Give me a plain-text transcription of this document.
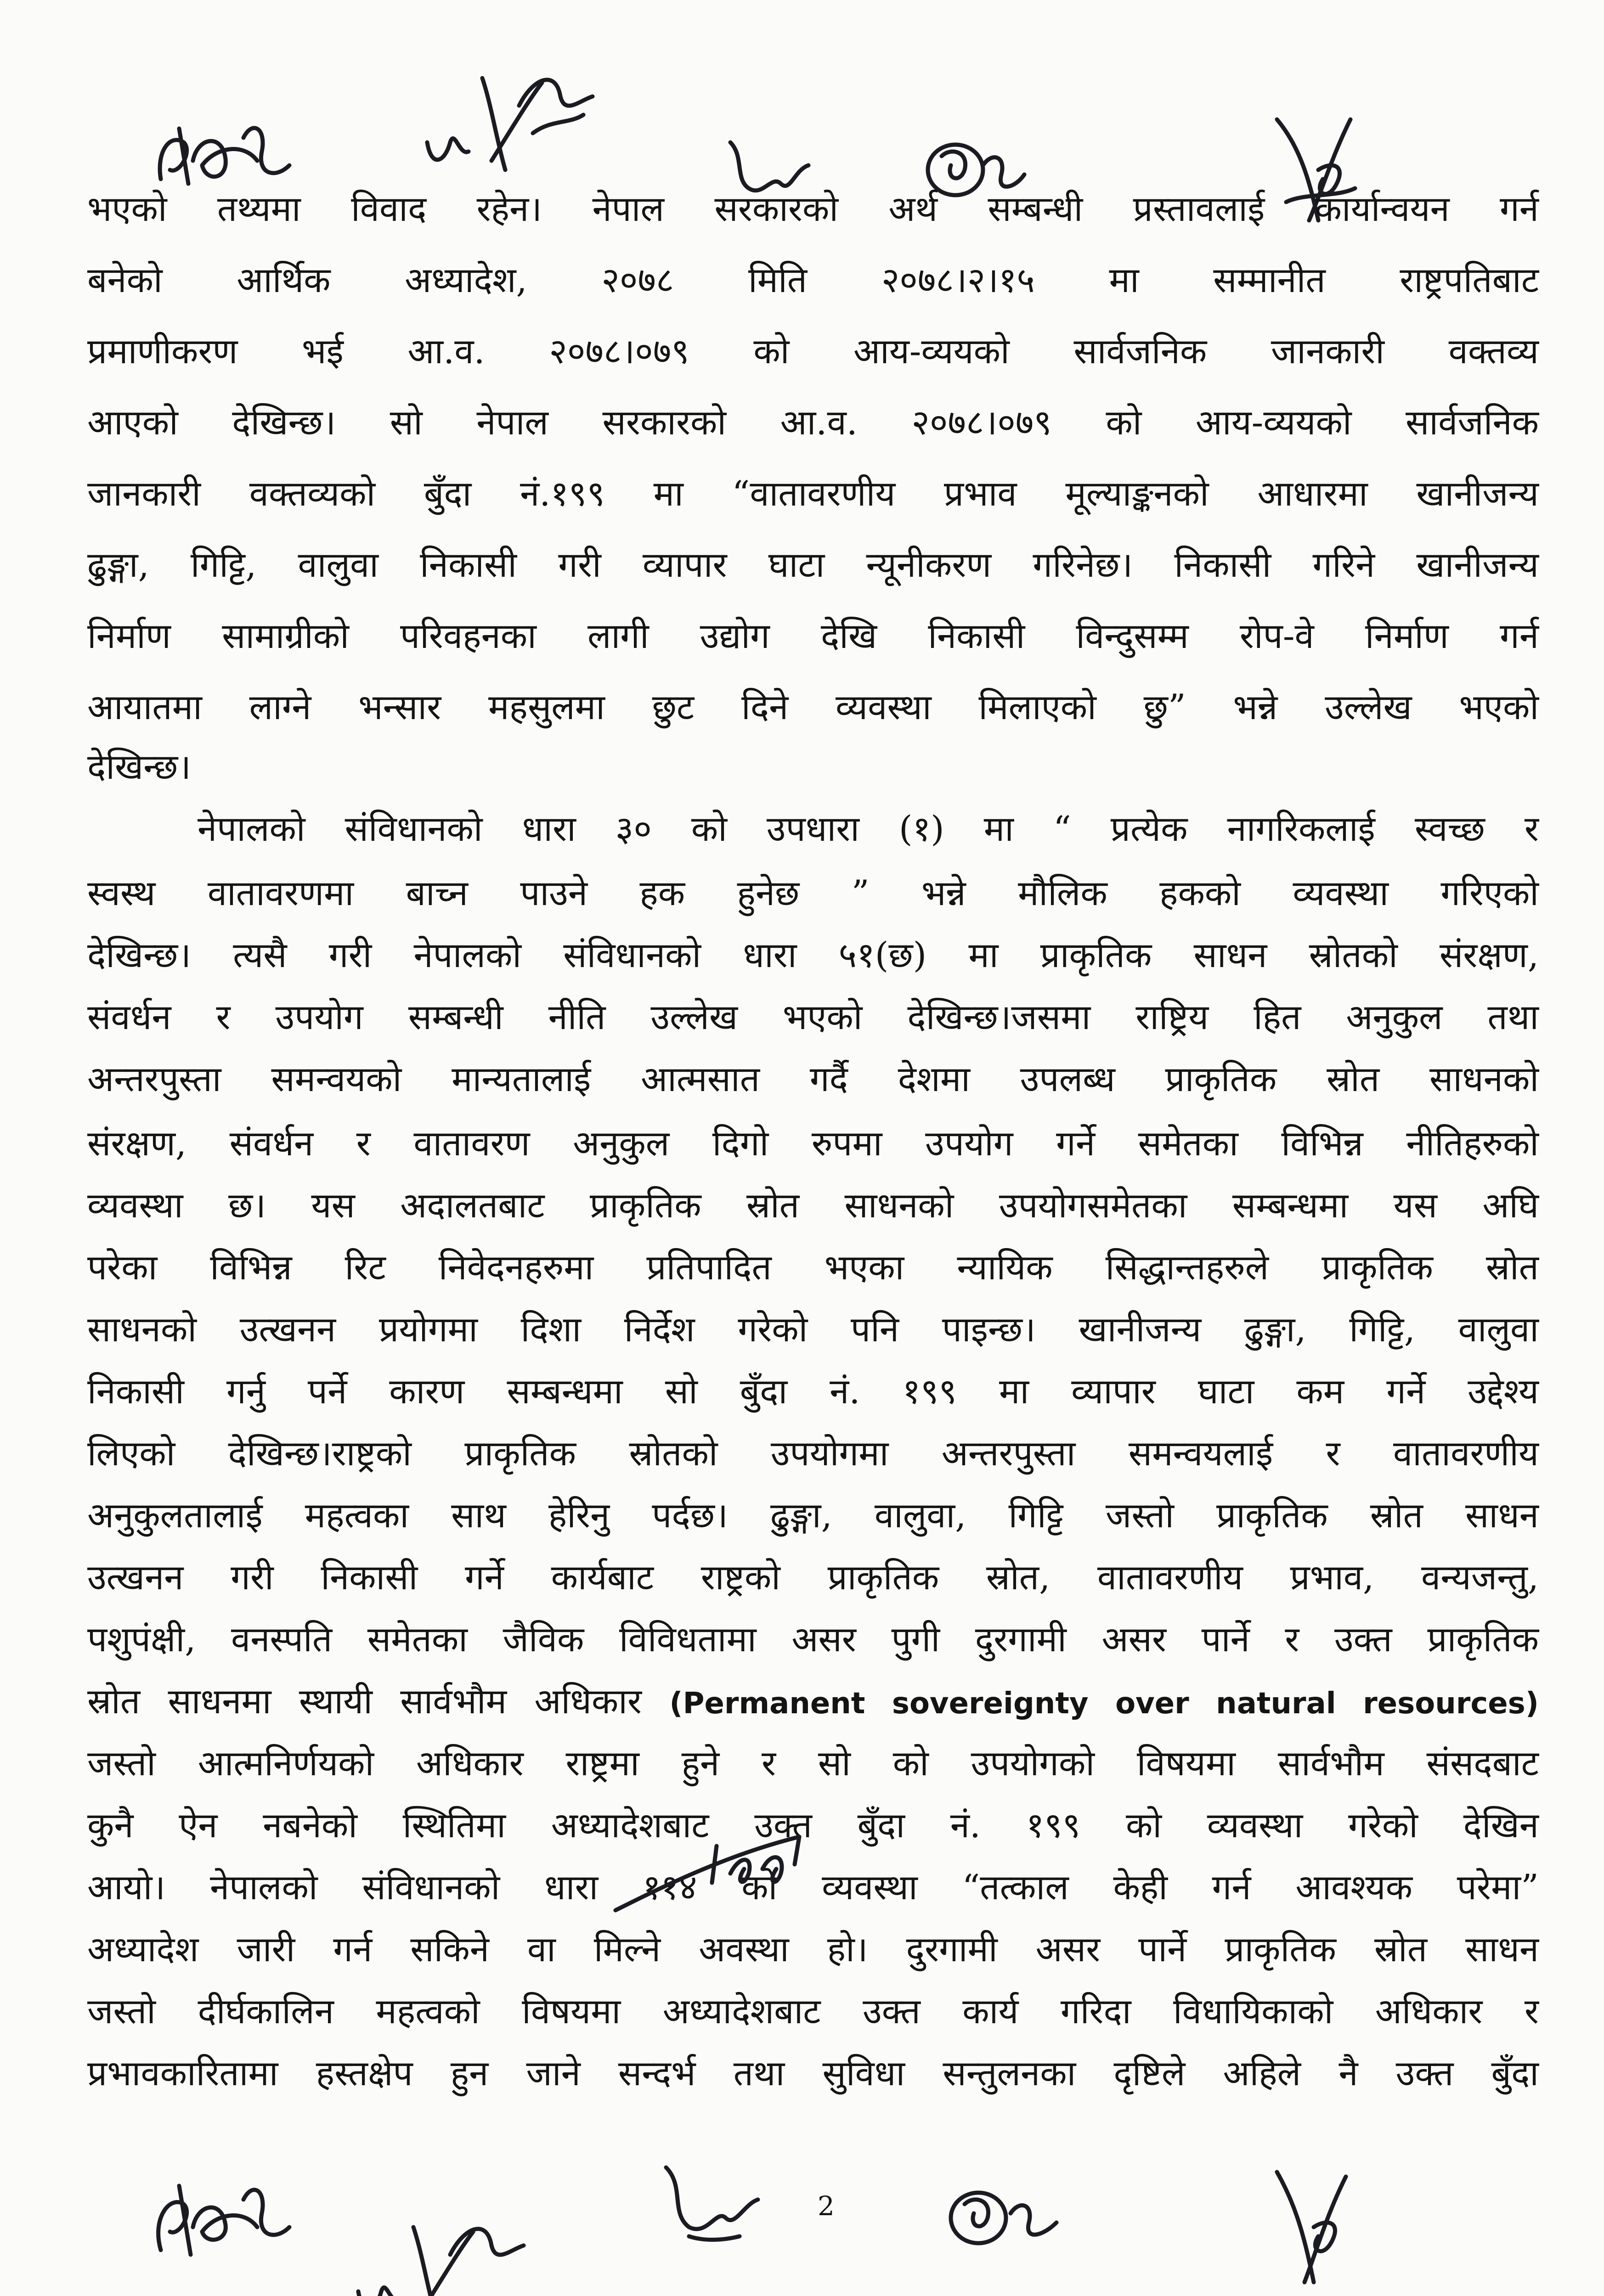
भएको तथ्यमा विवाद रहेन। नेपाल सरकारको अर्थ सम्बन्धी प्रस्तावलाई कार्यान्वयन गर्न
बनेको आर्थिक अध्यादेश, २०७८ मिति २०७८।२।१५ मा सम्मानीत राष्ट्रपतिबाट
प्रमाणीकरण भई आ.व. २०७८।०७९ को आय-व्ययको सार्वजनिक जानकारी वक्तव्य
आएको देखिन्छ। सो नेपाल सरकारको आ.व. २०७८।०७९ को आय-व्ययको सार्वजनिक
जानकारी वक्तव्यको बुँदा नं.१९९ मा “वातावरणीय प्रभाव मूल्याङ्कनको आधारमा खानीजन्य
ढुङ्गा, गिट्टि, वालुवा निकासी गरी व्यापार घाटा न्यूनीकरण गरिनेछ। निकासी गरिने खानीजन्य
निर्माण सामाग्रीको परिवहनका लागी उद्योग देखि निकासी विन्दुसम्म रोप-वे निर्माण गर्न
आयातमा लाग्ने भन्सार महसुलमा छुट दिने व्यवस्था मिलाएको छु” भन्ने उल्लेख भएको
देखिन्छ।
नेपालको संविधानको धारा ३० को उपधारा (१) मा “ प्रत्येक नागरिकलाई स्वच्छ र
स्वस्थ वातावरणमा बाच्न पाउने हक हुनेछ ” भन्ने मौलिक हकको व्यवस्था गरिएको
देखिन्छ। त्यसै गरी नेपालको संविधानको धारा ५१(छ) मा प्राकृतिक साधन स्रोतको संरक्षण,
संवर्धन र उपयोग सम्बन्धी नीति उल्लेख भएको देखिन्छ।जसमा राष्ट्रिय हित अनुकुल तथा
अन्तरपुस्ता समन्वयको मान्यतालाई आत्मसात गर्दै देशमा उपलब्ध प्राकृतिक स्रोत साधनको
संरक्षण, संवर्धन र वातावरण अनुकुल दिगो रुपमा उपयोग गर्ने समेतका विभिन्न नीतिहरुको
व्यवस्था छ। यस अदालतबाट प्राकृतिक स्रोत साधनको उपयोगसमेतका सम्बन्धमा यस अघि
परेका विभिन्न रिट निवेदनहरुमा प्रतिपादित भएका न्यायिक सिद्धान्तहरुले प्राकृतिक स्रोत
साधनको उत्खनन प्रयोगमा दिशा निर्देश गरेको पनि पाइन्छ। खानीजन्य ढुङ्गा, गिट्टि, वालुवा
निकासी गर्नु पर्ने कारण सम्बन्धमा सो बुँदा नं. १९९ मा व्यापार घाटा कम गर्ने उद्देश्य
लिएको देखिन्छ।राष्ट्रको प्राकृतिक स्रोतको उपयोगमा अन्तरपुस्ता समन्वयलाई र वातावरणीय
अनुकुलतालाई महत्वका साथ हेरिनु पर्दछ। ढुङ्गा, वालुवा, गिट्टि जस्तो प्राकृतिक स्रोत साधन
उत्खनन गरी निकासी गर्ने कार्यबाट राष्ट्रको प्राकृतिक स्रोत, वातावरणीय प्रभाव, वन्यजन्तु,
पशुपंक्षी, वनस्पति समेतका जैविक विविधतामा असर पुगी दुरगामी असर पार्ने र उक्त प्राकृतिक
स्रोत साधनमा स्थायी सार्वभौम अधिकार (Permanent sovereignty over natural resources)
जस्तो आत्मनिर्णयको अधिकार राष्ट्रमा हुने र सो को उपयोगको विषयमा सार्वभौम संसदबाट
कुनै ऐन नबनेको स्थितिमा अध्यादेशबाट उक्त बुँदा नं. १९९ को व्यवस्था गरेको देखिन
आयो। नेपालको संविधानको धारा ११४ को व्यवस्था “तत्काल केही गर्न आवश्यक परेमा”
अध्यादेश जारी गर्न सकिने वा मिल्ने अवस्था हो। दुरगामी असर पार्ने प्राकृतिक स्रोत साधन
जस्तो दीर्घकालिन महत्वको विषयमा अध्यादेशबाट उक्त कार्य गरिदा विधायिकाको अधिकार र
प्रभावकारितामा हस्तक्षेप हुन जाने सन्दर्भ तथा सुविधा सन्तुलनका दृष्टिले अहिले नै उक्त बुँदा
2
